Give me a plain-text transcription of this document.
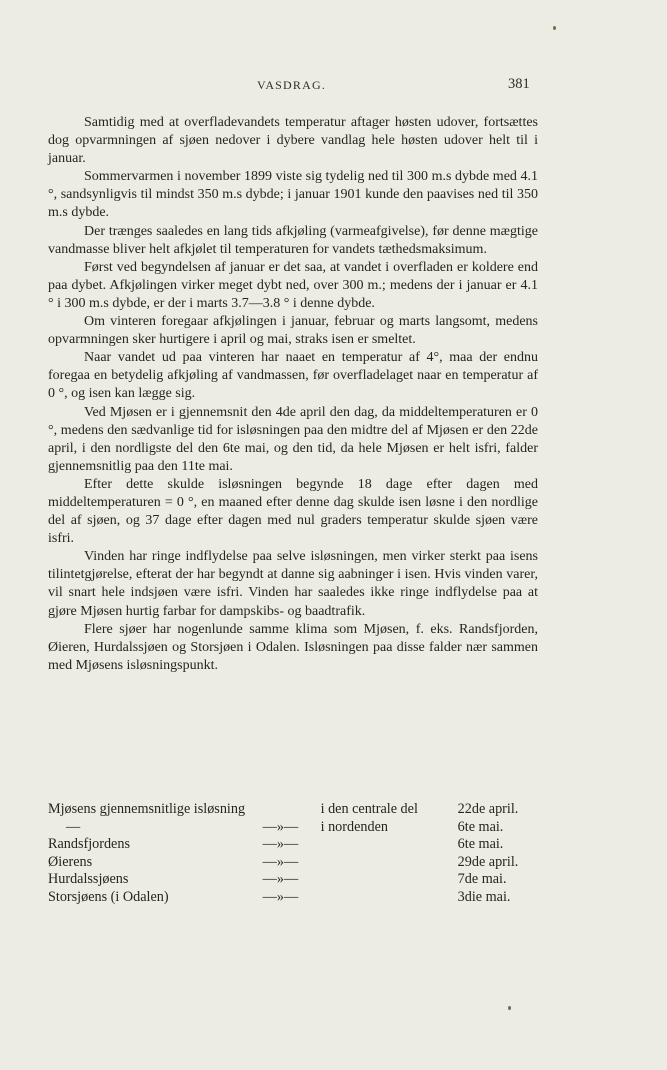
VASDRAG.	381

Samtidig med at overfladevandets temperatur aftager høsten udover, fortsættes dog opvarmningen af sjøen nedover i dybere vandlag hele høsten udover helt til i januar.

Sommervarmen i november 1899 viste sig tydelig ned til 300 m.s dybde med 4.1 °, sandsynligvis til mindst 350 m.s dybde; i januar 1901 kunde den paavises ned til 350 m.s dybde.

Der trænges saaledes en lang tids afkjøling (varmeafgivelse), før denne mægtige vandmasse bliver helt afkjølet til temperaturen for vandets tæthedsmaksimum.

Først ved begyndelsen af januar er det saa, at vandet i overfladen er koldere end paa dybet. Afkjølingen virker meget dybt ned, over 300 m.; medens der i januar er 4.1 ° i 300 m.s dybde, er der i marts 3.7—3.8 ° i denne dybde.

Om vinteren foregaar afkjølingen i januar, februar og marts langsomt, medens opvarmningen sker hurtigere i april og mai, straks isen er smeltet.

Naar vandet ud paa vinteren har naaet en temperatur af 4°, maa der endnu foregaa en betydelig afkjøling af vandmassen, før overfladelaget naar en temperatur af 0 °, og isen kan lægge sig.

Ved Mjøsen er i gjennemsnit den 4de april den dag, da middeltemperaturen er 0 °, medens den sædvanlige tid for isløsningen paa den midtre del af Mjøsen er den 22de april, i den nordligste del den 6te mai, og den tid, da hele Mjøsen er helt isfri, falder gjennemsnitlig paa den 11te mai.

Efter dette skulde isløsningen begynde 18 dage efter dagen med middeltemperaturen = 0 °, en maaned efter denne dag skulde isen løsne i den nordlige del af sjøen, og 37 dage efter dagen med nul graders temperatur skulde sjøen være isfri.

Vinden har ringe indflydelse paa selve isløsningen, men virker sterkt paa isens tilintetgjørelse, efterat der har begyndt at danne sig aabninger i isen. Hvis vinden varer, vil snart hele indsjøen være isfri. Vinden har saaledes ikke ringe indflydelse paa at gjøre Mjøsen hurtig farbar for dampskibs- og baadtrafik.

Flere sjøer har nogenlunde samme klima som Mjøsen, f. eks. Randsfjorden, Øieren, Hurdalssjøen og Storsjøen i Odalen. Isløsningen paa disse falder nær sammen med Mjøsens isløsningspunkt.

Mjøsens gjennemsnitlige isløsning		i den centrale del	22de april.
—	—»—	i nordenden	6te mai.
Randsfjordens	—»—		6te mai.
Øierens	—»—		29de april.
Hurdalssjøens	—»—		7de mai.
Storsjøens (i Odalen)	—»—		3die mai.
